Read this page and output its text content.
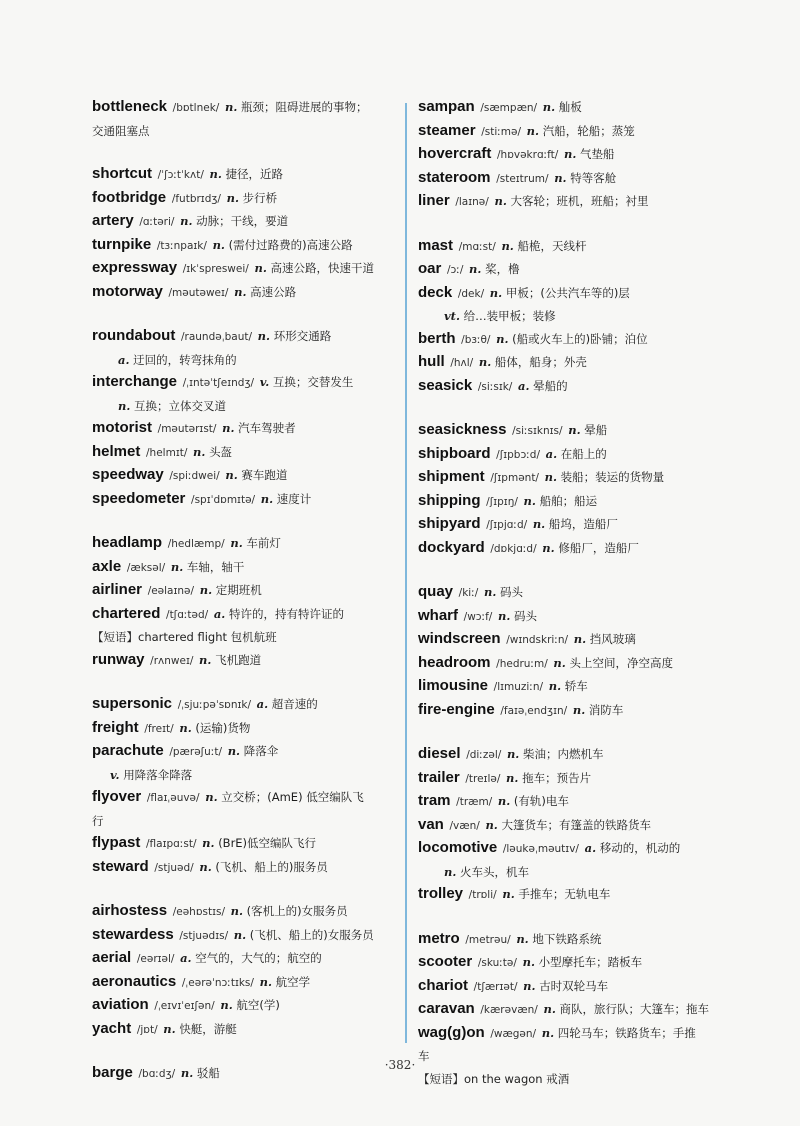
bottleneck /bɒtlnek/ n. 瓶颈；阻碍进展的事物；
交通阻塞点
shortcut /ˈʃɔːtˈkʌt/ n. 捷径，近路
footbridge /futbrɪdʒ/ n. 步行桥
artery /ɑːtəri/ n. 动脉；干线，要道
turnpike /tɜːnpaɪk/ n. (需付过路费的)高速公路
expressway /ɪkˈspreswei/ n. 高速公路，快速干道
motorway /məutəweɪ/ n. 高速公路
roundabout /raundəˌbaut/ n. 环形交通路
a. 迂回的，转弯抹角的
interchange /ˌɪntəˈtʃeɪndʒ/ v. 互换；交替发生
n. 互换；立体交叉道
motorist /məutərɪst/ n. 汽车驾驶者
helmet /helmɪt/ n. 头盔
speedway /spiːdwei/ n. 赛车跑道
speedometer /spɪˈdɒmɪtə/ n. 速度计
headlamp /hedlæmp/ n. 车前灯
axle /æksəl/ n. 车轴，轴干
airliner /eəlaɪnə/ n. 定期班机
chartered /tʃɑːtəd/ a. 特许的，持有特许证的
【短语】chartered flight 包机航班
runway /rʌnweɪ/ n. 飞机跑道
supersonic /ˌsjuːpəˈsɒnɪk/ a. 超音速的
freight /freɪt/ n. (运输)货物
parachute /pærəʃuːt/ n. 降落伞
v. 用降落伞降落
flyover /flaɪˌəuvə/ n. 立交桥；(AmE) 低空编队飞
行
flypast /flaɪpɑːst/ n. (BrE)低空编队飞行
steward /stjuəd/ n. (飞机、船上的)服务员
airhostess /eəhɒstɪs/ n. (客机上的)女服务员
stewardess /stjuədɪs/ n. (飞机、船上的)女服务员
aerial /eərɪəl/ a. 空气的，大气的；航空的
aeronautics /ˌeərəˈnɔːtɪks/ n. 航空学
aviation /ˌeɪvɪˈeɪʃən/ n. 航空(学)
yacht /jɒt/ n. 快艇，游艇
barge /bɑːdʒ/ n. 驳船
sampan /sæmpæn/ n. 舢板
steamer /stiːmə/ n. 汽船，轮船；蒸笼
hovercraft /hɒvəkrɑːft/ n. 气垫船
stateroom /steɪtrum/ n. 特等客舱
liner /laɪnə/ n. 大客轮；班机，班船；衬里
mast /mɑːst/ n. 船桅，天线杆
oar /ɔː/ n. 桨，橹
deck /dek/ n. 甲板；(公共汽车等的)层
vt. 给…装甲板；装修
berth /bɜːθ/ n. (船或火车上的)卧铺；泊位
hull /hʌl/ n. 船体，船身；外壳
seasick /siːsɪk/ a. 晕船的
seasickness /siːsɪknɪs/ n. 晕船
shipboard /ʃɪpbɔːd/ a. 在船上的
shipment /ʃɪpmənt/ n. 装船；装运的货物量
shipping /ʃɪpɪŋ/ n. 船舶；船运
shipyard /ʃɪpjɑːd/ n. 船坞，造船厂
dockyard /dɒkjɑːd/ n. 修船厂，造船厂
quay /kiː/ n. 码头
wharf /wɔːf/ n. 码头
windscreen /wɪndskriːn/ n. 挡风玻璃
headroom /hedruːm/ n. 头上空间，净空高度
limousine /lɪmuziːn/ n. 轿车
fire-engine /faɪəˌendʒɪn/ n. 消防车
diesel /diːzəl/ n. 柴油；内燃机车
trailer /treɪlə/ n. 拖车；预告片
tram /træm/ n. (有轨)电车
van /væn/ n. 大篷货车；有篷盖的铁路货车
locomotive /ləukəˌməutɪv/ a. 移动的，机动的
n. 火车头，机车
trolley /trɒli/ n. 手推车；无轨电车
metro /metrəu/ n. 地下铁路系统
scooter /skuːtə/ n. 小型摩托车；踏板车
chariot /tʃærɪət/ n. 古时双轮马车
caravan /kærəvæn/ n. 商队，旅行队；大篷车；拖车
wag(g)on /wægən/ n. 四轮马车；铁路货车；手推
车
【短语】on the wagon 戒酒
·382·
